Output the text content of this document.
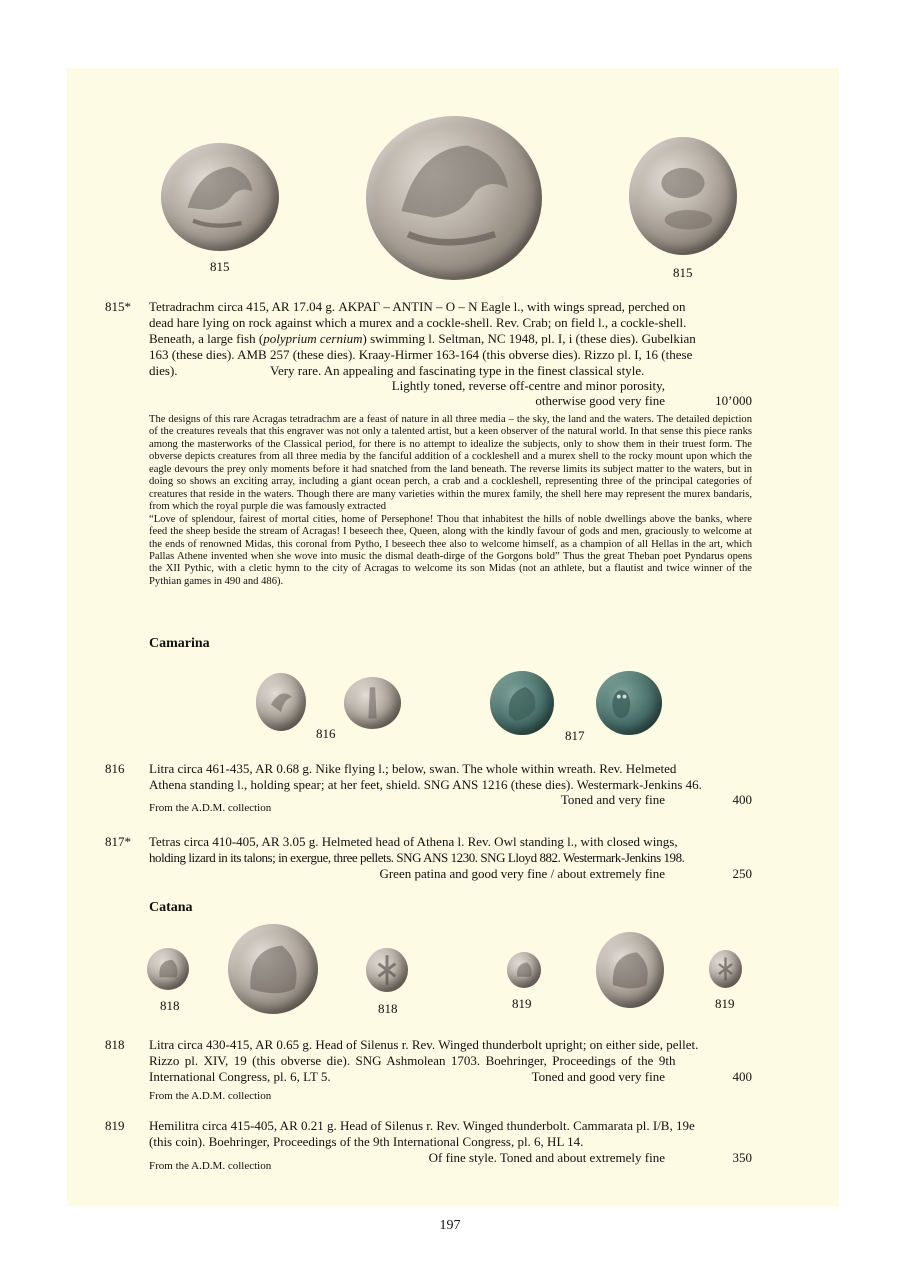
815	815
815* Tetradrachm circa 415, AR 17.04 g. ΑΚΡΑΓ – ΑΝΤΙΝ – Ο – Ν Eagle l., with wings spread, perched on
dead hare lying on rock against which a murex and a cockle-shell. Rev. Crab; on field l., a cockle-shell.
Beneath, a large fish (polyprium cernium) swimming l. Seltman, NC 1948, pl. I, i (these dies). Gubelkian
163 (these dies). AMB 257 (these dies). Kraay-Hirmer 163-164 (this obverse dies). Rizzo pl. I, 16 (these
dies).	Very rare. An appealing and fascinating type in the finest classical style.
Lightly toned, reverse off-centre and minor porosity,
otherwise good very fine	10’000

The designs of this rare Acragas tetradrachm are a feast of nature in all three media – the sky, the land and the waters. The detailed depiction of the creatures reveals that this engraver was not only a talented artist, but a keen observer of the natural world. In that sense this piece ranks among the masterworks of the Classical period, for there is no attempt to idealize the subjects, only to show them in their truest form. The obverse depicts creatures from all three media by the fanciful addition of a cockleshell and a murex shell to the rocky mount upon which the eagle devours the prey only moments before it had snatched from the land beneath. The reverse limits its subject matter to the waters, but in doing so shows an exciting array, including a giant ocean perch, a crab and a cockleshell, representing three of the principal categories of creatures that reside in the waters. Though there are many varieties within the murex family, the shell here may represent the murex bandaris, from which the royal purple die was famously extracted

“Love of splendour, fairest of mortal cities, home of Persephone! Thou that inhabitest the hills of noble dwellings above the banks, where feed the sheep beside the stream of Acragas! I beseech thee, Queen, along with the kindly favour of gods and men, graciously to welcome at the ends of renowned Midas, this coronal from Pytho, I beseech thee also to welcome himself, as a champion of all Hellas in the art, which Pallas Athene invented when she wove into music the dismal death-dirge of the Gorgons bold” Thus the great Theban poet Pyndarus opens the XII Pythic, with a cletic hymn to the city of Acragas to welcome its son Midas (not an athlete, but a flautist and twice winner of the Pythian games in 490 and 486).

Camarina
816	817
816 Litra circa 461-435, AR 0.68 g. Nike flying l.; below, swan. The whole within wreath. Rev. Helmeted
Athena standing l., holding spear; at her feet, shield. SNG ANS 1216 (these dies). Westermark-Jenkins 46.
Toned and very fine	400
From the A.D.M. collection
817* Tetras circa 410-405, AR 3.05 g. Helmeted head of Athena l. Rev. Owl standing l., with closed wings,
holding lizard in its talons; in exergue, three pellets. SNG ANS 1230. SNG Lloyd 882. Westermark-Jenkins 198.
Green patina and good very fine / about extremely fine	250
Catana
818	818	819	819
818 Litra circa 430-415, AR 0.65 g. Head of Silenus r. Rev. Winged thunderbolt upright; on either side, pellet.
Rizzo pl. XIV, 19 (this obverse die). SNG Ashmolean 1703. Boehringer, Proceedings of the 9th
International Congress, pl. 6, LT 5.	Toned and good very fine	400
From the A.D.M. collection
819 Hemilitra circa 415-405, AR 0.21 g. Head of Silenus r. Rev. Winged thunderbolt. Cammarata pl. I/B, 19e
(this coin). Boehringer, Proceedings of the 9th International Congress, pl. 6, HL 14.
Of fine style. Toned and about extremely fine	350
From the A.D.M. collection
197
